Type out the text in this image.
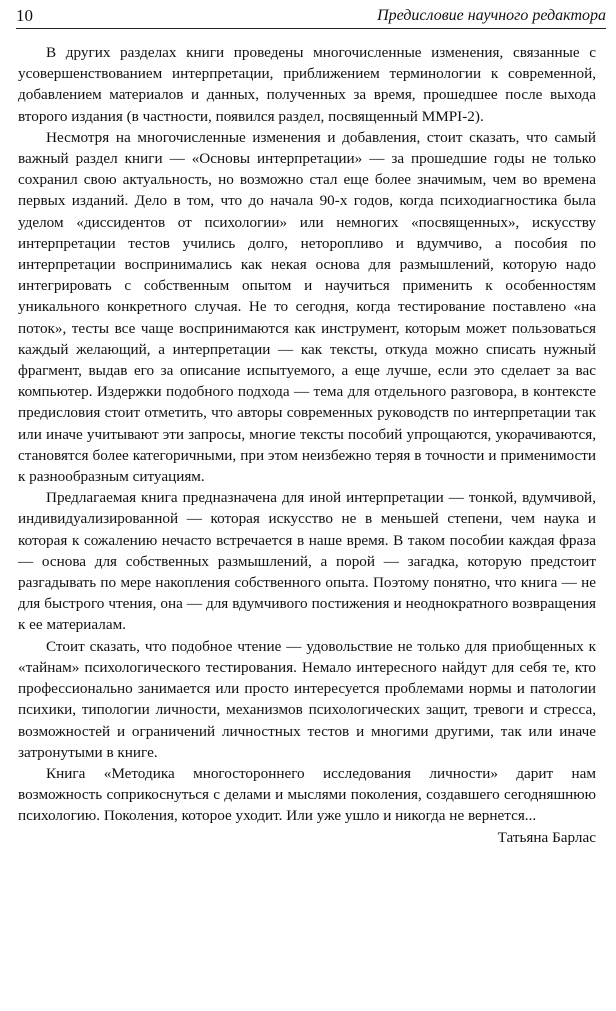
10	Предисловие научного редактора

В других разделах книги проведены многочисленные изменения, связанные с усовершенствованием интерпретации, приближением терминологии к современной, добавлением материалов и данных, полученных за время, прошедшее после выхода второго издания (в частности, появился раздел, посвященный MMPI-2).

Несмотря на многочисленные изменения и добавления, стоит сказать, что самый важный раздел книги — «Основы интерпретации» — за прошедшие годы не только сохранил свою актуальность, но возможно стал еще более значимым, чем во времена первых изданий. Дело в том, что до начала 90-х годов, когда психодиагностика была уделом «диссидентов от психологии» или немногих «посвященных», искусству интерпретации тестов учились долго, неторопливо и вдумчиво, а пособия по интерпретации воспринимались как некая основа для размышлений, которую надо интегрировать с собственным опытом и научиться применить к особенностям уникального конкретного случая. Не то сегодня, когда тестирование поставлено «на поток», тесты все чаще воспринимаются как инструмент, которым может пользоваться каждый желающий, а интерпретации — как тексты, откуда можно списать нужный фрагмент, выдав его за описание испытуемого, а еще лучше, если это сделает за вас компьютер. Издержки подобного подхода — тема для отдельного разговора, в контексте предисловия стоит отметить, что авторы современных руководств по интерпретации так или иначе учитывают эти запросы, многие тексты пособий упрощаются, укорачиваются, становятся более категоричными, при этом неизбежно теряя в точности и применимости к разнообразным ситуациям.

Предлагаемая книга предназначена для иной интерпретации — тонкой, вдумчивой, индивидуализированной — которая искусство не в меньшей степени, чем наука и которая к сожалению нечасто встречается в наше время. В таком пособии каждая фраза — основа для собственных размышлений, а порой — загадка, которую предстоит разгадывать по мере накопления собственного опыта. Поэтому понятно, что книга — не для быстрого чтения, она — для вдумчивого постижения и неоднократного возвращения к ее материалам.

Стоит сказать, что подобное чтение — удовольствие не только для приобщенных к «тайнам» психологического тестирования. Немало интересного найдут для себя те, кто профессионально занимается или просто интересуется проблемами нормы и патологии психики, типологии личности, механизмов психологических защит, тревоги и стресса, возможностей и ограничений личностных тестов и многими другими, так или иначе затронутыми в книге.

Книга «Методика многостороннего исследования личности» дарит нам возможность соприкоснуться с делами и мыслями поколения, создавшего сегодняшнюю психологию. Поколения, которое уходит. Или уже ушло и никогда не вернется...

Татьяна Барлас
